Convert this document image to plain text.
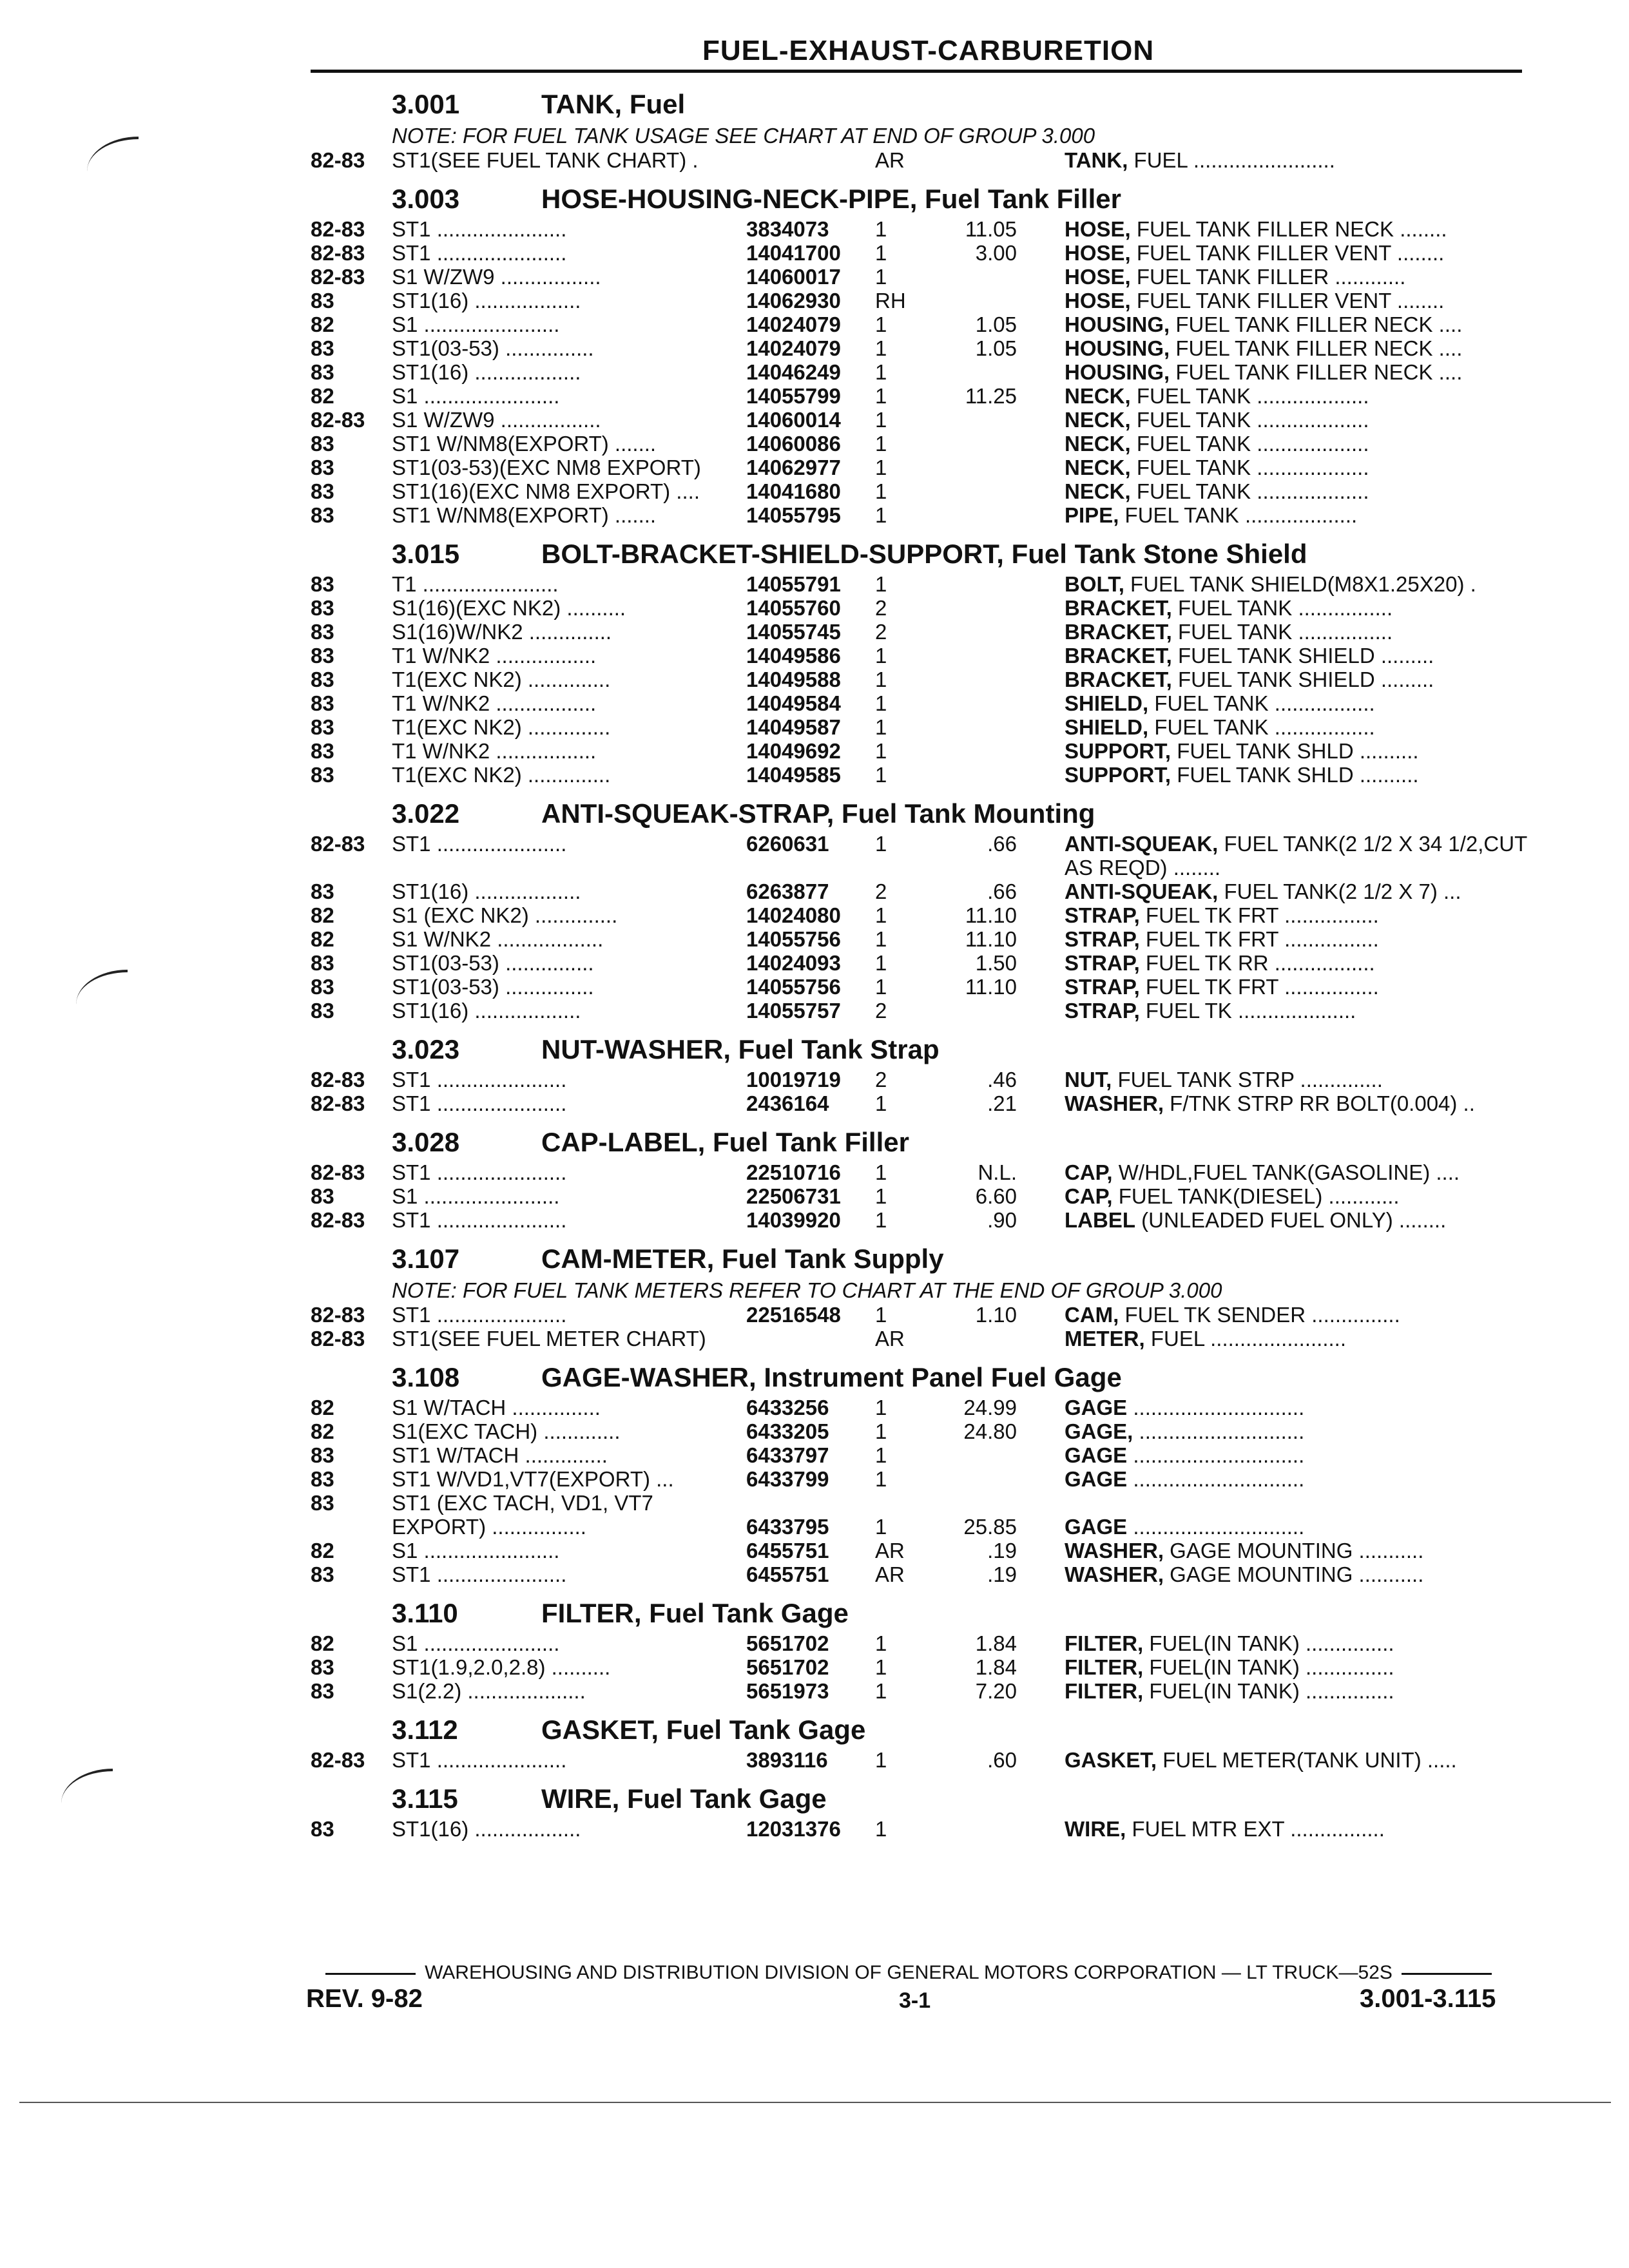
FUEL-EXHAUST-CARBURETION
3.001	TANK, Fuel
NOTE: FOR FUEL TANK USAGE SEE CHART AT END OF GROUP 3.000
82-83 ST1(SEE FUEL TANK CHART) .	AR	TANK, FUEL ........................
3.003	HOSE-HOUSING-NECK-PIPE, Fuel Tank Filler
82-83 ST1 ......................	3834073 1	11.05 HOSE, FUEL TANK FILLER NECK ........
82-83 ST1 ......................	14041700 1	3.00 HOSE, FUEL TANK FILLER VENT ........
82-83 S1 W/ZW9 .................	14060017 1	HOSE, FUEL TANK FILLER ............
83	ST1(16) ..................	14062930 RH	HOSE, FUEL TANK FILLER VENT ........
82	S1 .......................	14024079 1	1.05 HOUSING, FUEL TANK FILLER NECK ....
83	ST1(03-53) ...............	14024079 1	1.05 HOUSING, FUEL TANK FILLER NECK ....
83	ST1(16) ..................	14046249 1	HOUSING, FUEL TANK FILLER NECK ....
82	S1 .......................	14055799 1	11.25 NECK, FUEL TANK ...................
82-83 S1 W/ZW9 .................	14060014 1	NECK, FUEL TANK ...................
83	ST1 W/NM8(EXPORT) .......	14060086 1	NECK, FUEL TANK ...................
83	ST1(03-53)(EXC NM8 EXPORT)	14062977 1	NECK, FUEL TANK ...................
83	ST1(16)(EXC NM8 EXPORT) ....	14041680 1	NECK, FUEL TANK ...................
83	ST1 W/NM8(EXPORT) .......	14055795 1	PIPE, FUEL TANK ...................
3.015	BOLT-BRACKET-SHIELD-SUPPORT, Fuel Tank Stone Shield
83	T1 .......................	14055791 1	BOLT, FUEL TANK SHIELD(M8X1.25X20) .
83	S1(16)(EXC NK2) ..........	14055760 2	BRACKET, FUEL TANK ................
83	S1(16)W/NK2 ..............	14055745 2	BRACKET, FUEL TANK ................
83	T1 W/NK2 .................	14049586 1	BRACKET, FUEL TANK SHIELD .........
83	T1(EXC NK2) ..............	14049588 1	BRACKET, FUEL TANK SHIELD .........
83	T1 W/NK2 .................	14049584 1	SHIELD, FUEL TANK .................
83	T1(EXC NK2) ..............	14049587 1	SHIELD, FUEL TANK .................
83	T1 W/NK2 .................	14049692 1	SUPPORT, FUEL TANK SHLD ..........
83	T1(EXC NK2) ..............	14049585 1	SUPPORT, FUEL TANK SHLD ..........
3.022	ANTI-SQUEAK-STRAP, Fuel Tank Mounting
82-83 ST1 ......................	6260631 1	.66 ANTI-SQUEAK, FUEL TANK(2 1/2 X 34 1/2,CUT AS REQD) ........
83	ST1(16) ..................	6263877 2	.66 ANTI-SQUEAK, FUEL TANK(2 1/2 X 7) ...
82	S1 (EXC NK2) ..............	14024080 1	11.10 STRAP, FUEL TK FRT ................
82	S1 W/NK2 ..................	14055756 1	11.10 STRAP, FUEL TK FRT ................
83	ST1(03-53) ...............	14024093 1	1.50 STRAP, FUEL TK RR .................
83	ST1(03-53) ...............	14055756 1	11.10 STRAP, FUEL TK FRT ................
83	ST1(16) ..................	14055757 2	STRAP, FUEL TK ....................
3.023	NUT-WASHER, Fuel Tank Strap
82-83 ST1 ......................	10019719 2	.46 NUT, FUEL TANK STRP ..............
82-83 ST1 ......................	2436164 1	.21 WASHER, F/TNK STRP RR BOLT(0.004) ..
3.028	CAP-LABEL, Fuel Tank Filler
82-83 ST1 ......................	22510716 1	N.L. CAP, W/HDL,FUEL TANK(GASOLINE) ....
83	S1 .......................	22506731 1	6.60 CAP, FUEL TANK(DIESEL) ............
82-83 ST1 ......................	14039920 1	.90 LABEL (UNLEADED FUEL ONLY) ........
3.107	CAM-METER, Fuel Tank Supply
NOTE: FOR FUEL TANK METERS REFER TO CHART AT THE END OF GROUP 3.000
82-83 ST1 ......................	22516548 1	1.10 CAM, FUEL TK SENDER ...............
82-83 ST1(SEE FUEL METER CHART)	AR	METER, FUEL .......................
3.108	GAGE-WASHER, Instrument Panel Fuel Gage
82	S1 W/TACH ...............	6433256 1	24.99 GAGE .............................
82	S1(EXC TACH) .............	6433205 1	24.80 GAGE, ............................
83	ST1 W/TACH ..............	6433797 1	GAGE .............................
83	ST1 W/VD1,VT7(EXPORT) ...	6433799 1	GAGE .............................
83	ST1 (EXC TACH, VD1, VT7
EXPORT) ................	6433795 1	25.85 GAGE .............................
82	S1 .......................	6455751 AR	.19 WASHER, GAGE MOUNTING ...........
83	ST1 ......................	6455751 AR	.19 WASHER, GAGE MOUNTING ...........
3.110	FILTER, Fuel Tank Gage
82	S1 .......................	5651702 1	1.84 FILTER, FUEL(IN TANK) ...............
83	ST1(1.9,2.0,2.8) ..........	5651702 1	1.84 FILTER, FUEL(IN TANK) ...............
83	S1(2.2) ....................	5651973 1	7.20 FILTER, FUEL(IN TANK) ...............
3.112	GASKET, Fuel Tank Gage
82-83 ST1 ......................	3893116 1	.60 GASKET, FUEL METER(TANK UNIT) .....
3.115	WIRE, Fuel Tank Gage
83	ST1(16) ..................	12031376 1	WIRE, FUEL MTR EXT ................
WAREHOUSING AND DISTRIBUTION DIVISION OF GENERAL MOTORS CORPORATION — LT TRUCK—52S
REV. 9-82	3-1	3.001-3.115
